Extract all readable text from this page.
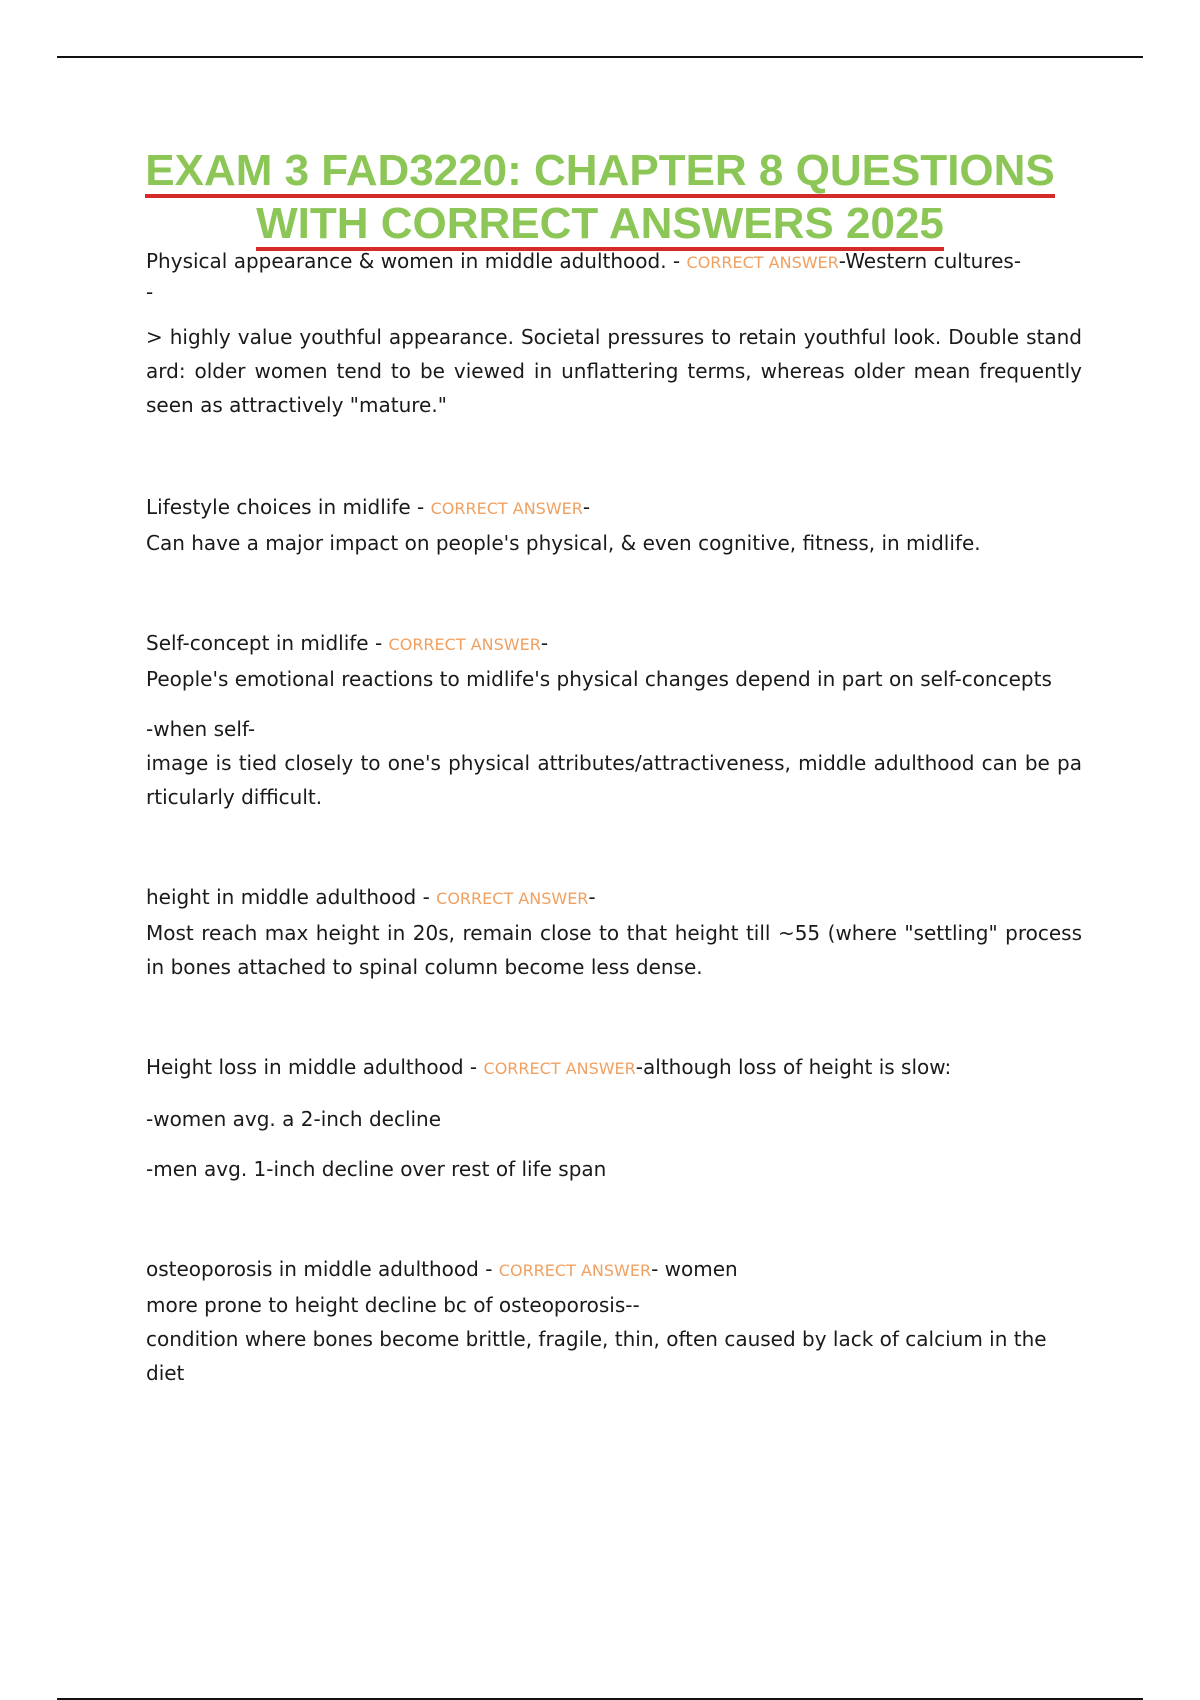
EXAM 3 FAD3220: CHAPTER 8 QUESTIONS
WITH CORRECT ANSWERS 2025

Physical appearance & women in middle adulthood. - CORRECT ANSWER-Western cultures-

-

> highly value youthful appearance. Societal pressures to retain youthful look. Double stand ard: older women tend to be viewed in unflattering terms, whereas older mean frequently seen as attractively "mature."

Lifestyle choices in midlife - CORRECT ANSWER-

Can have a major impact on people's physical, & even cognitive, fitness, in midlife.

Self-concept in midlife - CORRECT ANSWER-

People's emotional reactions to midlife's physical changes depend in part on self-concepts

-when self-

image is tied closely to one's physical attributes/attractiveness, middle adulthood can be pa rticularly difficult.

height in middle adulthood - CORRECT ANSWER-

Most reach max height in 20s, remain close to that height till ~55 (where "settling" process in bones attached to spinal column become less dense.

Height loss in middle adulthood - CORRECT ANSWER-although loss of height is slow:

-women avg. a 2-inch decline

-men avg. 1-inch decline over rest of life span

osteoporosis in middle adulthood - CORRECT ANSWER- women

more prone to height decline bc of osteoporosis--

condition where bones become brittle, fragile, thin, often caused by lack of calcium in the diet
